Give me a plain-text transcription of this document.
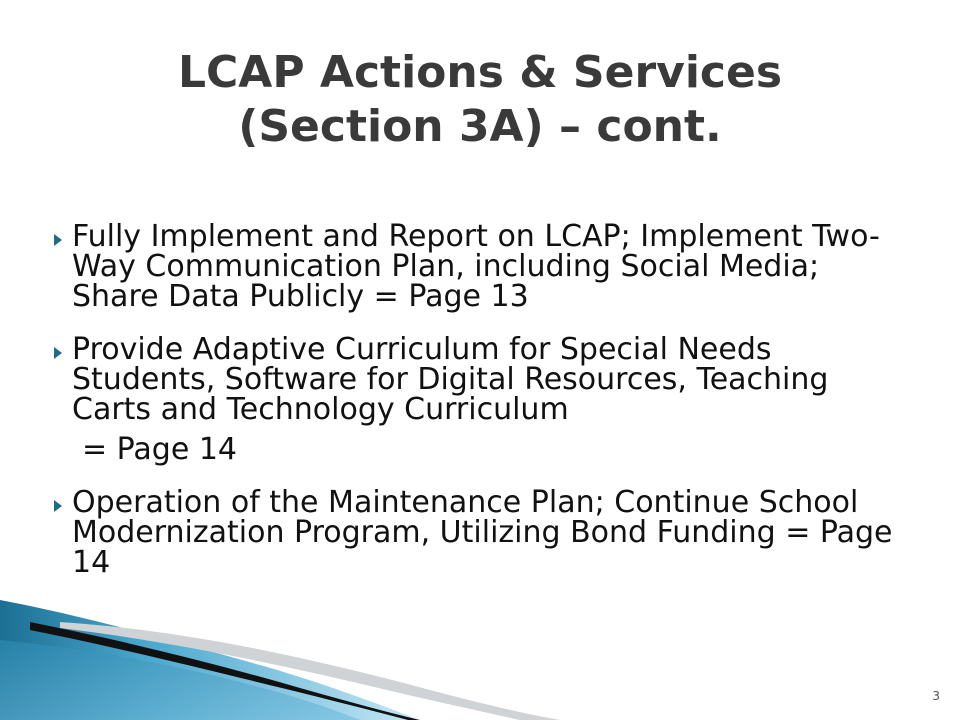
LCAP Actions & Services
(Section 3A) – cont.
Fully Implement and Report on LCAP; Implement Two-Way Communication Plan, including Social Media; Share Data Publicly = Page 13
Provide Adaptive Curriculum for Special Needs Students, Software for Digital Resources, Teaching Carts and Technology Curriculum
= Page 14
Operation of the Maintenance Plan; Continue School Modernization Program, Utilizing Bond Funding = Page 14
3
